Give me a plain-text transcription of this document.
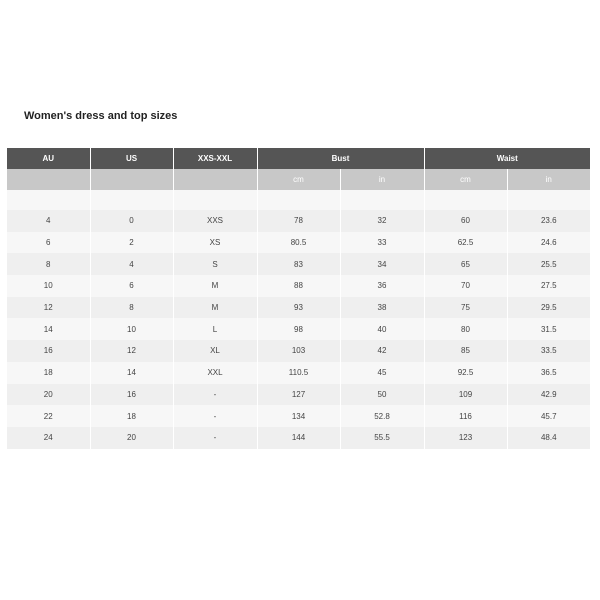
Women's dress and top sizes
AU	US	XXS-XXL	Bust		Waist	
			cm	in	cm	in

4	0	XXS	78	32	60	23.6
6	2	XS	80.5	33	62.5	24.6
8	4	S	83	34	65	25.5
10	6	M	88	36	70	27.5
12	8	M	93	38	75	29.5
14	10	L	98	40	80	31.5
16	12	XL	103	42	85	33.5
18	14	XXL	110.5	45	92.5	36.5
20	16	-	127	50	109	42.9
22	18	-	134	52.8	116	45.7
24	20	-	144	55.5	123	48.4
